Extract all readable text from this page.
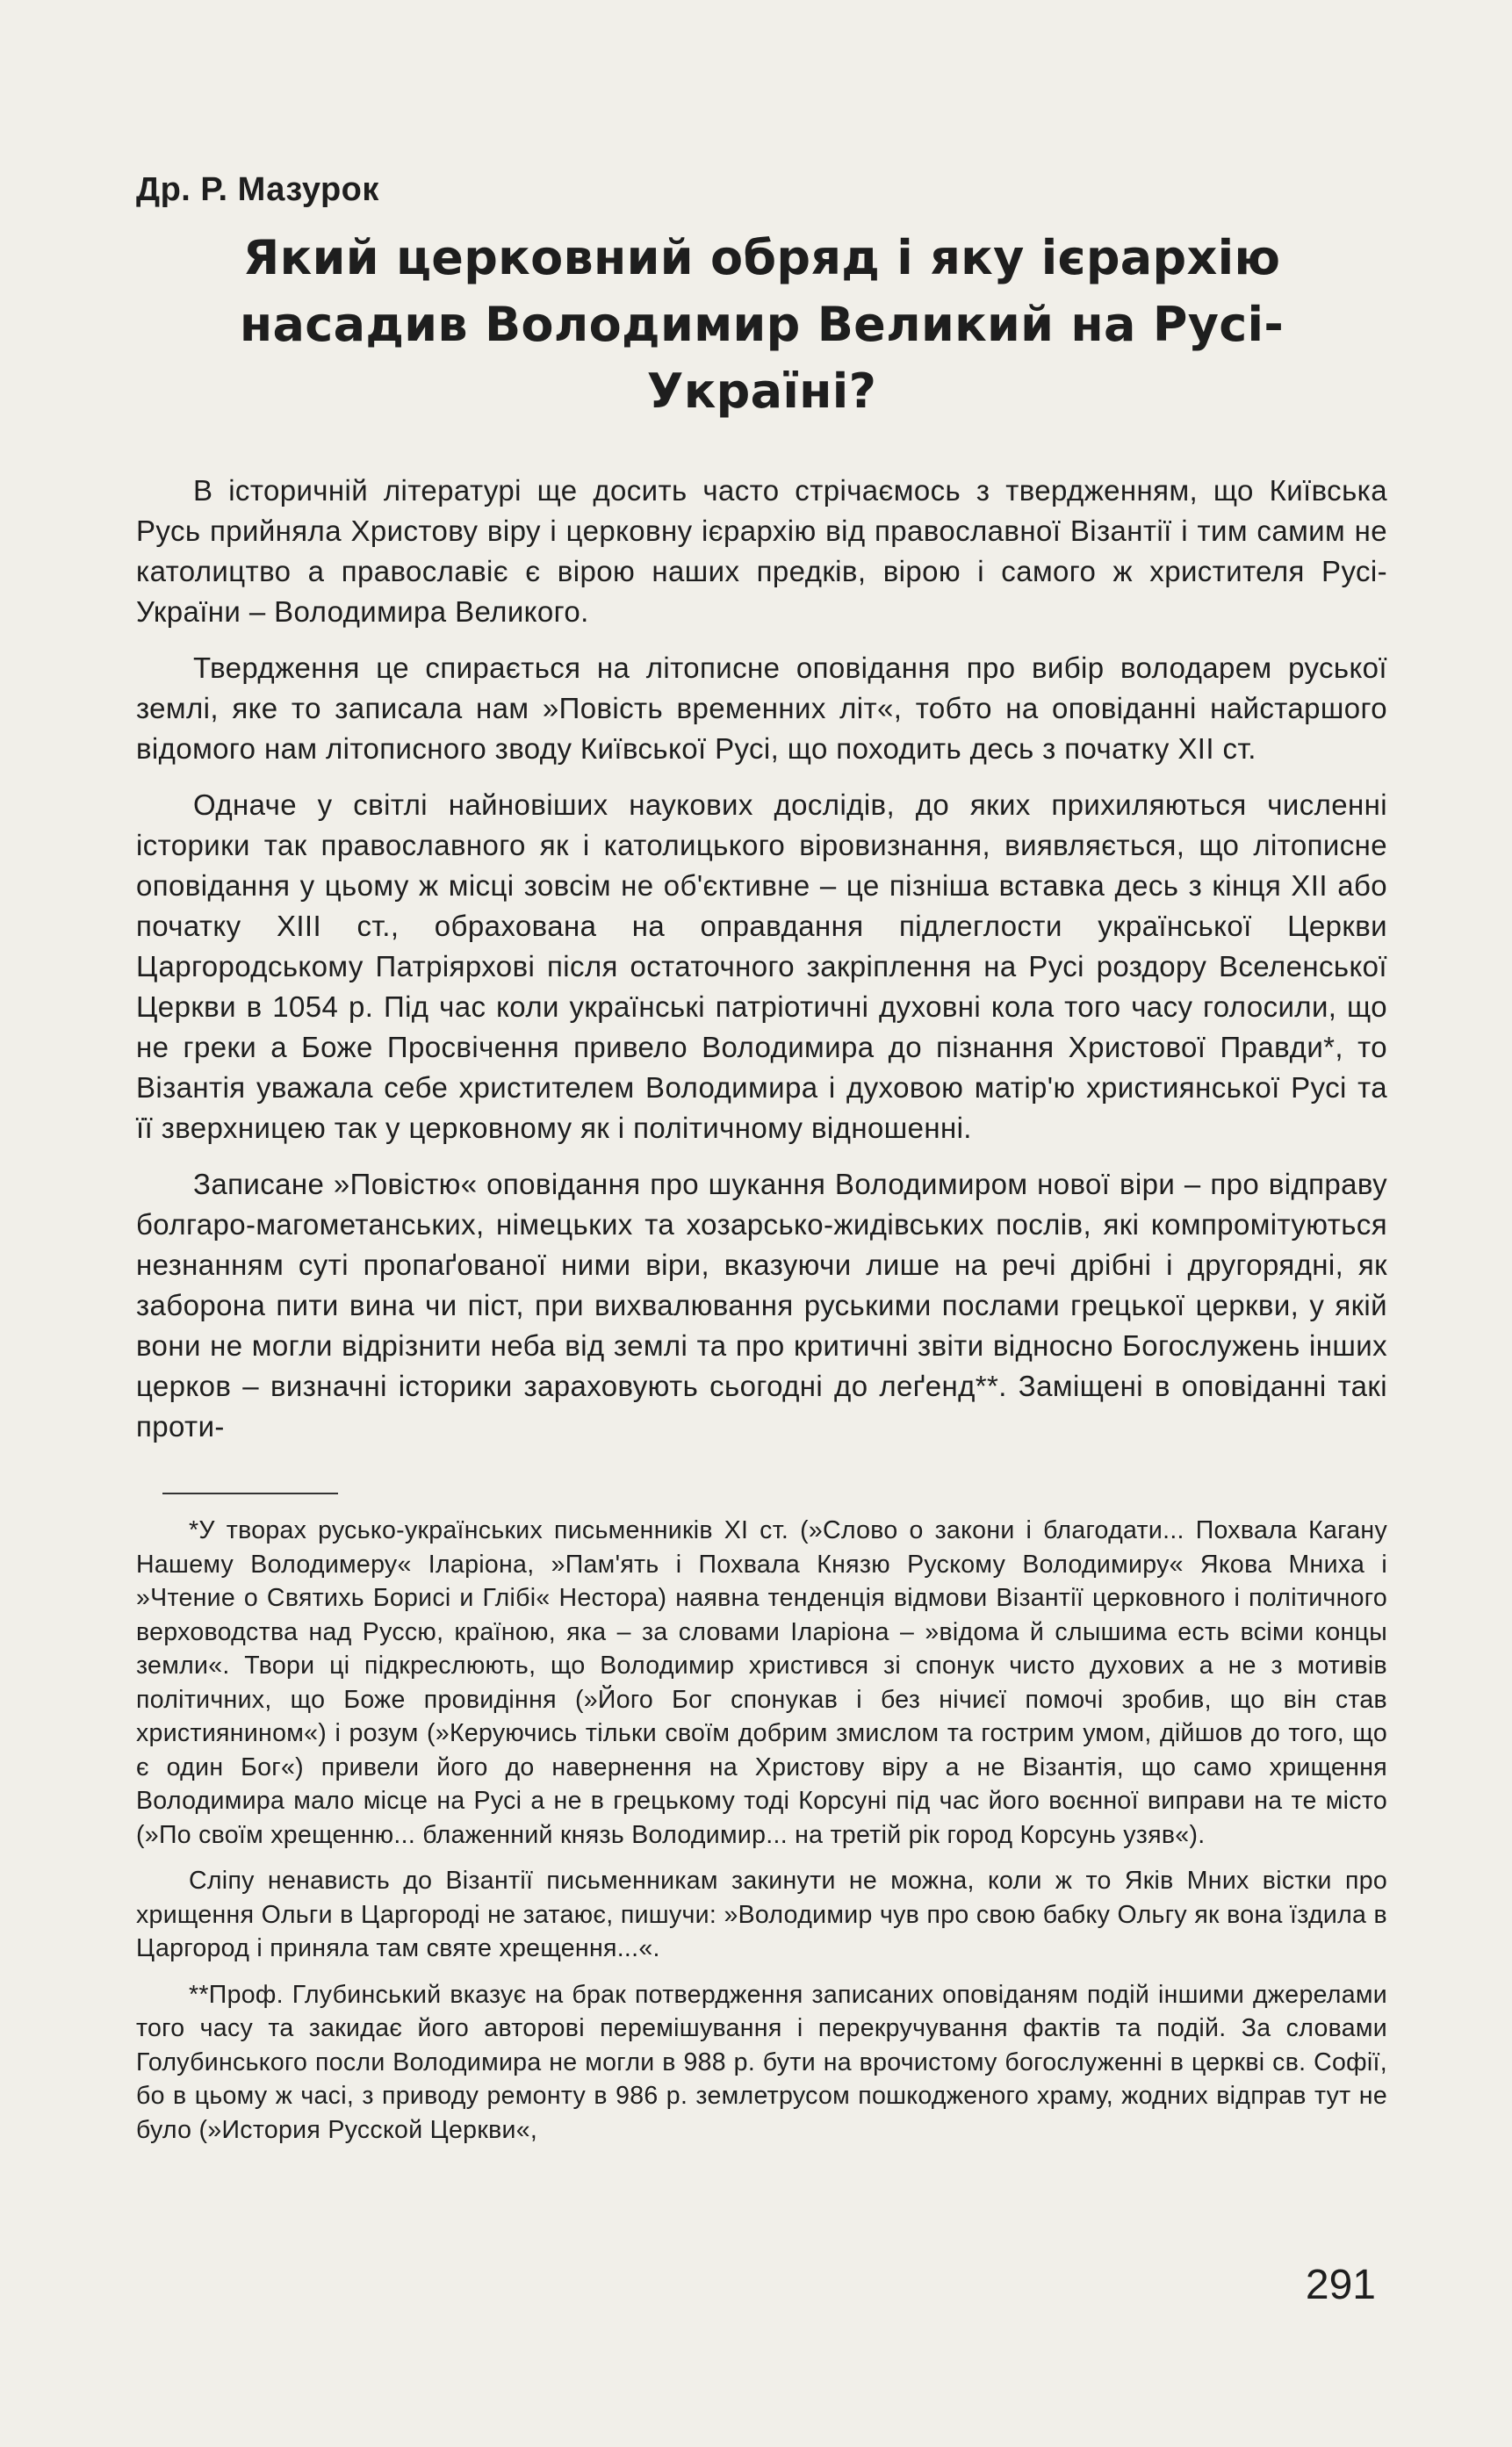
Др. Р. Мазурок
Який церковний обряд і яку ієрархію насадив Володимир Великий на Русі-Україні?

В історичній літературі ще досить часто стрічаємось з твердженням, що Київська Русь прийняла Христову віру і церковну ієрархію від православної Візантії і тим самим не католицтво а православіє є вірою наших предків, вірою і самого ж христителя Русі-України – Володимира Великого.

Твердження це спирається на літописне оповідання про вибір володарем руської землі, яке то записала нам »Повість временних літ«, тобто на оповіданні найстаршого відомого нам літописного зводу Київської Русі, що походить десь з початку XII ст.

Одначе у світлі найновіших наукових дослідів, до яких прихиляються численні історики так православного як і католицького віровизнання, виявляється, що літописне оповідання у цьому ж місці зовсім не об'єктивне – це пізніша вставка десь з кінця XII або початку XIII ст., обрахована на оправдання підлеглости української Церкви Царгородському Патріярхові після остаточного закріплення на Русі роздору Вселенської Церкви в 1054 р. Під час коли українські патріотичні духовні кола того часу голосили, що не греки а Боже Просвічення привело Володимира до пізнання Христової Правди*, то Візантія уважала себе христителем Володимира і духовою матір'ю християнської Русі та її зверхницею так у церковному як і політичному відношенні.

Записане »Повістю« оповідання про шукання Володимиром нової віри – про відправу болгаро-магометанських, німецьких та хозарсько-жидівських послів, які компромітуються незнанням суті пропаґованої ними віри, вказуючи лише на речі дрібні і другорядні, як заборона пити вина чи піст, при вихвалювання руськими послами грецької церкви, у якій вони не могли відрізнити неба від землі та про критичні звіти відносно Богослужень інших церков – визначні історики зараховують сьогодні до леґенд**. Заміщені в оповіданні такі проти-

*У творах русько-українських письменників XI ст. (»Слово о закони і благодати... Похвала Кагану Нашему Володимеру« Іларіона, »Пам'ять і Похвала Князю Рускому Володимиру« Якова Мниха і »Чтение о Святихь Борисі и Глібі« Нестора) наявна тенденція відмови Візантії церковного і політичного верховодства над Руссю, країною, яка – за словами Іларіона – »відома й слышима есть всіми концы земли«. Твори ці підкреслюють, що Володимир христився зі спонук чисто духових а не з мотивів політичних, що Боже провидіння (»Його Бог спонукав і без нічиєї помочі зробив, що він став християнином«) і розум (»Керуючись тільки своїм добрим змислом та гострим умом, дійшов до того, що є один Бог«) привели його до навернення на Христову віру а не Візантія, що само хрищення Володимира мало місце на Русі а не в грецькому тоді Корсуні під час його воєнної виправи на те місто (»По своїм хрещенню... блаженний князь Володимир... на третій рік город Корсунь узяв«).

Сліпу ненависть до Візантії письменникам закинути не можна, коли ж то Яків Мних вістки про хрищення Ольги в Царгороді не затаює, пишучи: »Володимир чув про свою бабку Ольгу як вона їздила в Царгород і приняла там святе хрещення...«.

**Проф. Глубинський вказує на брак потвердження записаних оповіданям подій іншими джерелами того часу та закидає його авторові перемішування і перекручування фактів та подій. За словами Голубинського посли Володимира не могли в 988 р. бути на врочистому богослуженні в церкві св. Софії, бо в цьому ж часі, з приводу ремонту в 986 р. землетрусом пошкодженого храму, жодних відправ тут не було (»История Русской Церкви«,

291
